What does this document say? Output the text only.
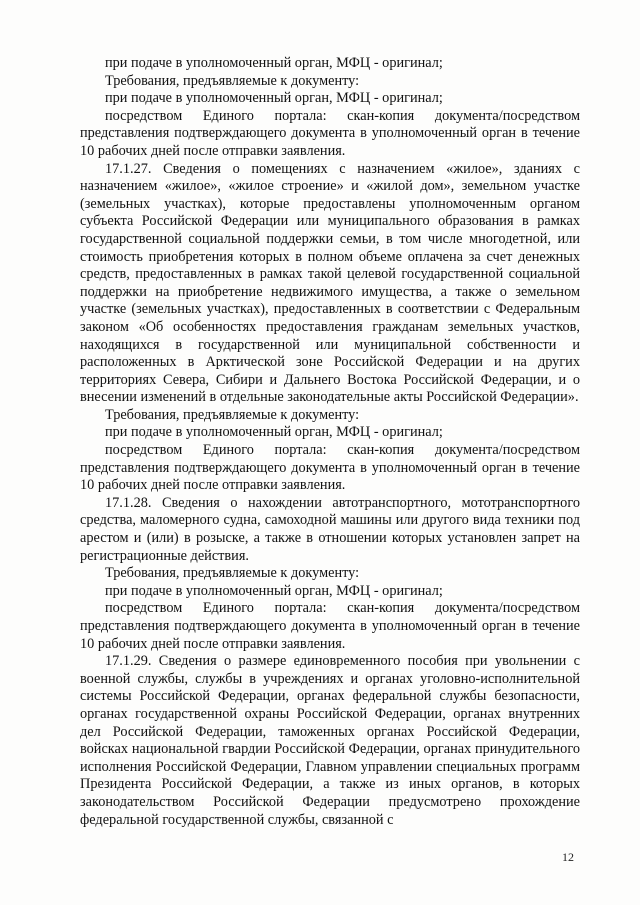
при подаче в уполномоченный орган, МФЦ - оригинал;

Требования, предъявляемые к документу:

при подаче в уполномоченный орган, МФЦ - оригинал;

посредством Единого портала: скан-копия документа/посредством представления подтверждающего документа в уполномоченный орган в течение 10 рабочих дней после отправки заявления.

17.1.27. Сведения о помещениях с назначением «жилое», зданиях с назначением «жилое», «жилое строение» и «жилой дом», земельном участке (земельных участках), которые предоставлены уполномоченным органом субъекта Российской Федерации или муниципального образования в рамках государственной социальной поддержки семьи, в том числе многодетной, или стоимость приобретения которых в полном объеме оплачена за счет денежных средств, предоставленных в рамках такой целевой государственной социальной поддержки на приобретение недвижимого имущества, а также о земельном участке (земельных участках), предоставленных в соответствии с Федеральным законом «Об особенностях предоставления гражданам земельных участков, находящихся в государственной или муниципальной собственности и расположенных в Арктической зоне Российской Федерации и на других территориях Севера, Сибири и Дальнего Востока Российской Федерации, и о внесении изменений в отдельные законодательные акты Российской Федерации».

Требования, предъявляемые к документу:

при подаче в уполномоченный орган, МФЦ - оригинал;

посредством Единого портала: скан-копия документа/посредством представления подтверждающего документа в уполномоченный орган в течение 10 рабочих дней после отправки заявления.

17.1.28. Сведения о нахождении автотранспортного, мототранспортного средства, маломерного судна, самоходной машины или другого вида техники под арестом и (или) в розыске, а также в отношении которых установлен запрет на регистрационные действия.

Требования, предъявляемые к документу:

при подаче в уполномоченный орган, МФЦ - оригинал;

посредством Единого портала: скан-копия документа/посредством представления подтверждающего документа в уполномоченный орган в течение 10 рабочих дней после отправки заявления.

17.1.29. Сведения о размере единовременного пособия при увольнении с военной службы, службы в учреждениях и органах уголовно-исполнительной системы Российской Федерации, органах федеральной службы безопасности, органах государственной охраны Российской Федерации, органах внутренних дел Российской Федерации, таможенных органах Российской Федерации, войсках национальной гвардии Российской Федерации, органах принудительного исполнения Российской Федерации, Главном управлении специальных программ Президента Российской Федерации, а также из иных органов, в которых законодательством Российской Федерации предусмотрено прохождение федеральной государственной службы, связанной с

12
